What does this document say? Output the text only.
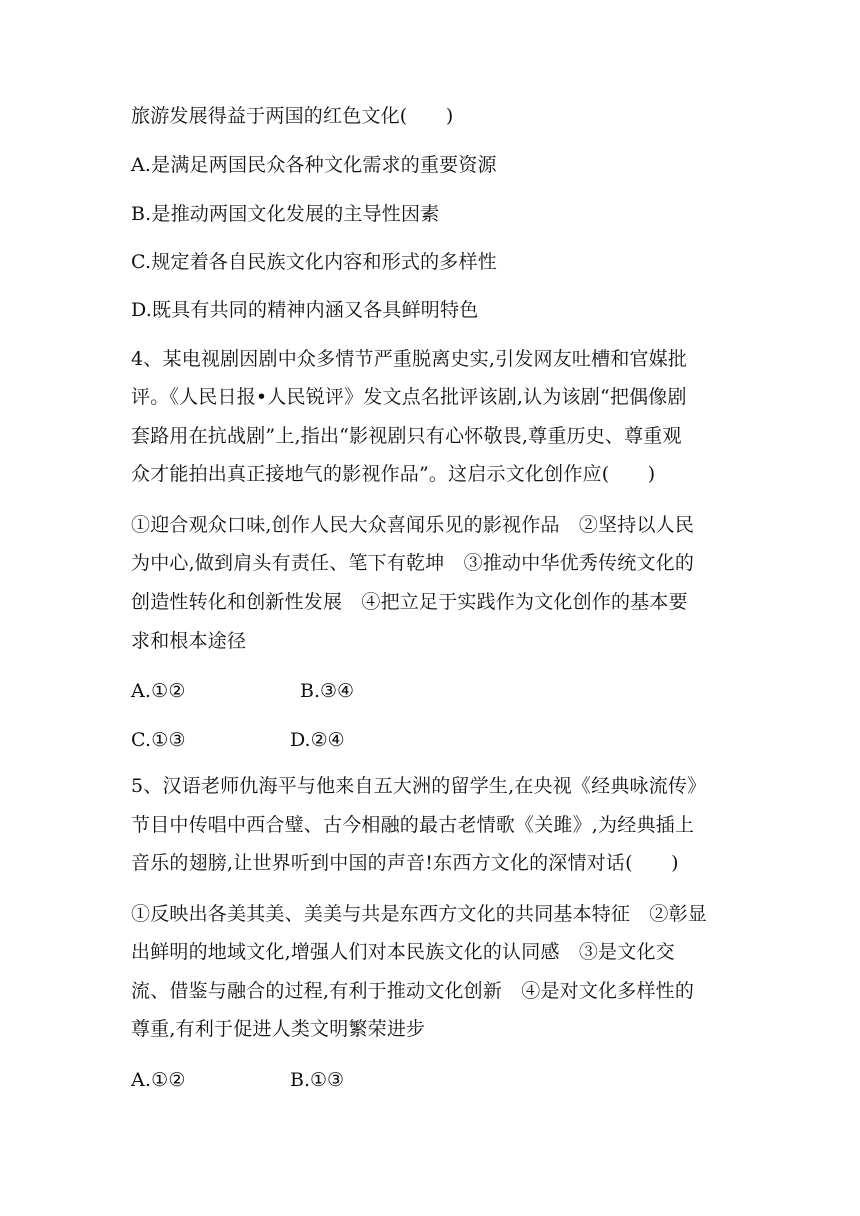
旅游发展得益于两国的红色文化(　　)
A.是满足两国民众各种文化需求的重要资源
B.是推动两国文化发展的主导性因素
C.规定着各自民族文化内容和形式的多样性
D.既具有共同的精神内涵又各具鲜明特色
4、某电视剧因剧中众多情节严重脱离史实,引发网友吐槽和官媒批
评。《人民日报•人民锐评》发文点名批评该剧,认为该剧“把偶像剧
套路用在抗战剧”上,指出“影视剧只有心怀敬畏,尊重历史、尊重观
众才能拍出真正接地气的影视作品”。这启示文化创作应(　　)
①迎合观众口味,创作人民大众喜闻乐见的影视作品　②坚持以人民
为中心,做到肩头有责任、笔下有乾坤　③推动中华优秀传统文化的
创造性转化和创新性发展　④把立足于实践作为文化创作的基本要
求和根本途径
A.①②	B.③④
C.①③	D.②④
5、汉语老师仇海平与他来自五大洲的留学生,在央视《经典咏流传》
节目中传唱中西合璧、古今相融的最古老情歌《关雎》,为经典插上
音乐的翅膀,让世界听到中国的声音!东西方文化的深情对话(　　)
①反映出各美其美、美美与共是东西方文化的共同基本特征　②彰显
出鲜明的地域文化,增强人们对本民族文化的认同感　③是文化交
流、借鉴与融合的过程,有利于推动文化创新　④是对文化多样性的
尊重,有利于促进人类文明繁荣进步
A.①②	B.①③
